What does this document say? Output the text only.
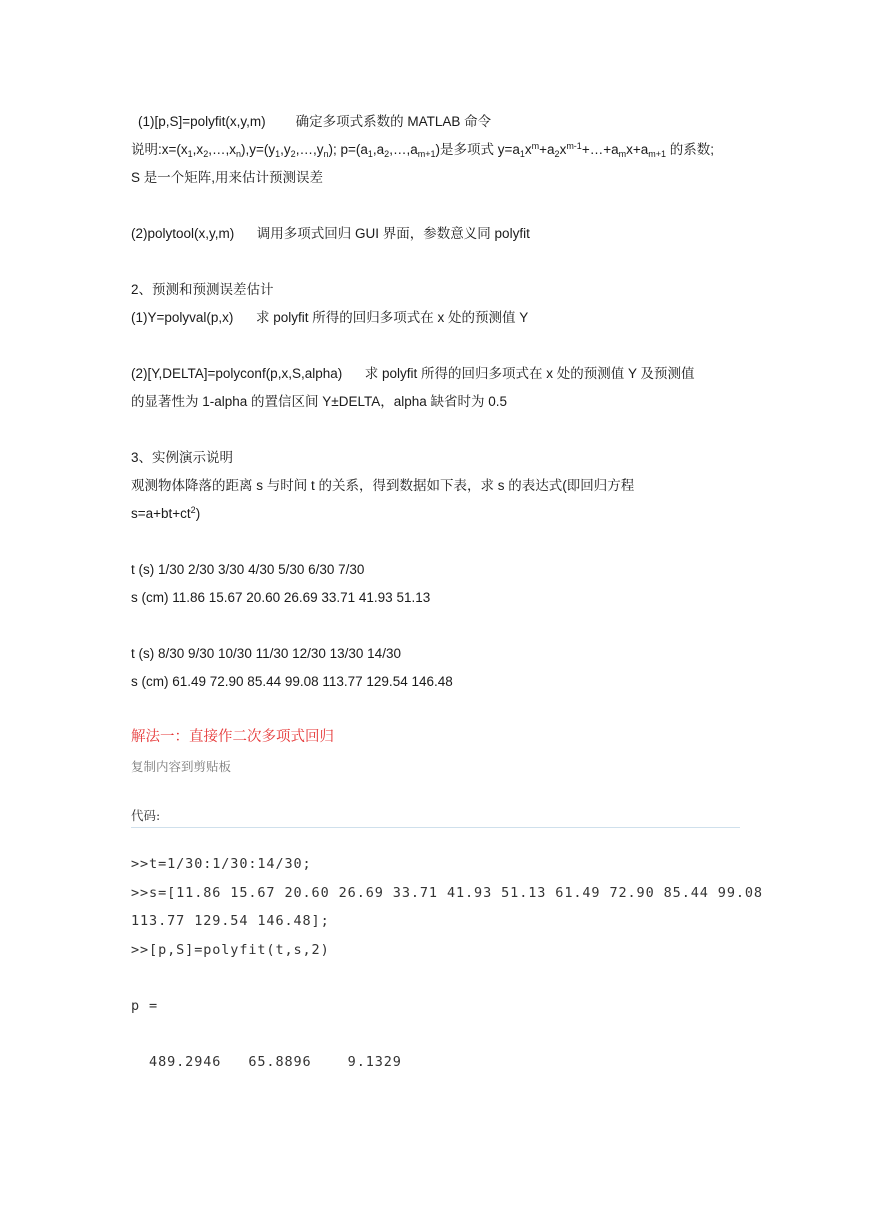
(1)[p,S]=polyfit(x,y,m) 确定多项式系数的 MATLAB 命令
说明$:x=(x_1,x_2,\dots,x_n),y=(y_1,y_2,\dots,y_n)$; $p=(a_1,a_2,\dots,a_{m+1})$是多项式 $y=a_1x^m+a_2x^{m-1}+\dots+a_mx+a_{m+1}$ 的系数;
S 是一个矩阵,用来估计预测误差
(2)polytool(x,y,m) 调用多项式回归 GUI 界面，参数意义同 polyfit
2、预测和预测误差估计
(1)Y=polyval(p,x) 求 polyfit 所得的回归多项式在 x 处的预测值 Y
(2)[Y,DELTA]=polyconf(p,x,S,alpha) 求 polyfit 所得的回归多项式在 x 处的预测值 Y 及预测值
的显著性为 1-alpha 的置信区间 Y±DELTA，alpha 缺省时为 0.5
3、实例演示说明
观测物体降落的距离 s 与时间 t 的关系，得到数据如下表，求 s 的表达式(即回归方程
$s=a+bt+ct^2$)
t (s) 1/30 2/30 3/30 4/30 5/30 6/30 7/30
s (cm) 11.86 15.67 20.60 26.69 33.71 41.93 51.13
t (s) 8/30 9/30 10/30 11/30 12/30 13/30 14/30
s (cm) 61.49 72.90 85.44 99.08 113.77 129.54 146.48
解法一：直接作二次多项式回归
复制内容到剪贴板
代码:
>>t=1/30:1/30:14/30;
>>s=[11.86 15.67 20.60 26.69 33.71 41.93 51.13 61.49 72.90 85.44 99.08
113.77 129.54 146.48];
>>[p,S]=polyfit(t,s,2)
p =
489.2946   65.8896    9.1329
